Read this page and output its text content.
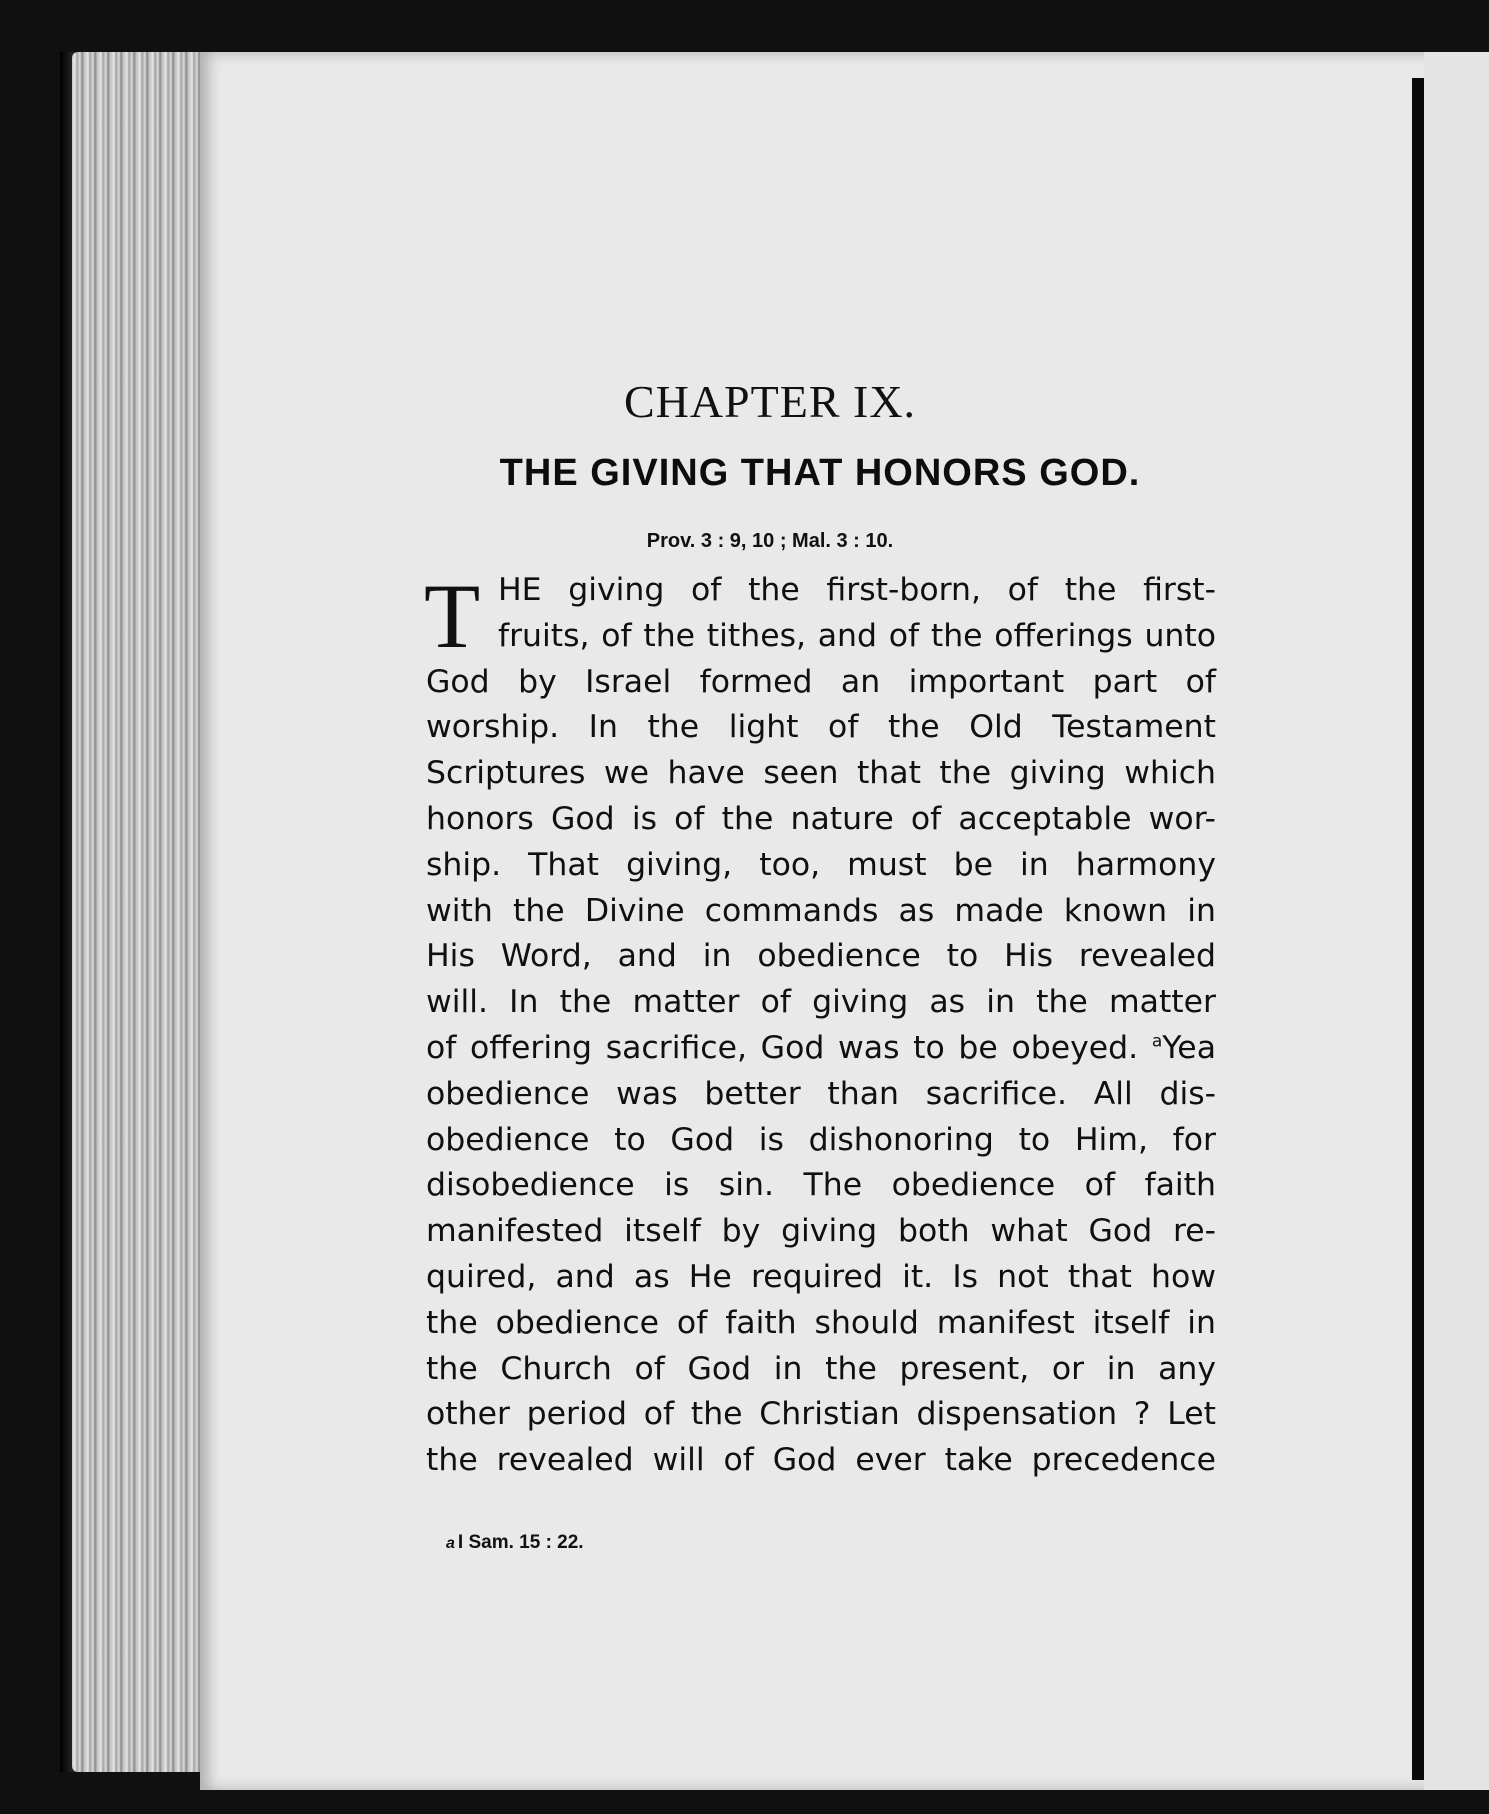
CHAPTER IX.
THE GIVING THAT HONORS GOD.
Prov. 3 : 9, 10 ; Mal. 3 : 10.
T HE giving of the first-born, of the first-
fruits, of the tithes, and of the offerings unto
God by Israel formed an important part of
worship. In the light of the Old Testament
Scriptures we have seen that the giving which
honors God is of the nature of acceptable wor-
ship. That giving, too, must be in harmony
with the Divine commands as made known in
His Word, and in obedience to His revealed
will. In the matter of giving as in the matter
of offering sacrifice, God was to be obeyed. $^a$Yea
obedience was better than sacrifice. All dis-
obedience to God is dishonoring to Him, for
disobedience is sin. The obedience of faith
manifested itself by giving both what God re-
quired, and as He required it. Is not that how
the obedience of faith should manifest itself in
the Church of God in the present, or in any
other period of the Christian dispensation ? Let
the revealed will of God ever take precedence
a I Sam. 15 : 22.
